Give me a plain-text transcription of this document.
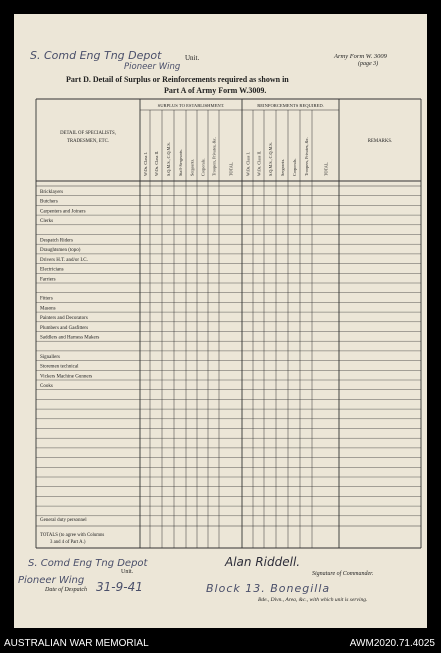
S. Comd Eng Tng Depot	Unit.
Pioneer Wing
Army Form W. 3009
(page 3)
Part D. Detail of Surplus or Reinforcements required as shown in
Part A of Army Form W.3009.
SURPLUS TO ESTABLISHMENT.	REINFORCEMENTS REQUIRED.
REMARKS.
DETAIL OF SPECIALISTS,
TRADESMEN, ETC.
W.Os. Class I. W.Os. Class II. S.Q.M.S., C.Q.M.S. Staff-Sergeants. Sergeants. Corporals. Troopers, Privates, &c.	TOTAL.	W.Os. Class I. W.Os. Class II. S.Q.M.S., C.Q.M.S. Sergeants. Corporals. Troopers, Privates, &c.	TOTAL.
Bricklayers
Butchers
Carpenters and Joiners
Clerks
Despatch Riders
Draughtsmen (topo)
Drivers H.T. and/or I.C.
Electricians
Farriers
Fitters
Masons
Painters and Decorators
Plumbers and Gasfitters
Saddlers and Harness Makers
Signallers
Storemen technical
Vickers Machine Gunners
Cooks
General duty personnel
TOTALS (to agree with Columns
3 and 4 of Part A.)
S. Comd Eng Tng Depot
Unit.
Pioneer Wing
Date of Despatch 31-9-41
Alan Riddell.
Signature of Commander.
Block 13. Bonegilla
Bde., Divn., Area, &c., with which unit is serving.
AUSTRALIAN WAR MEMORIAL	AWM2020.71.4025
